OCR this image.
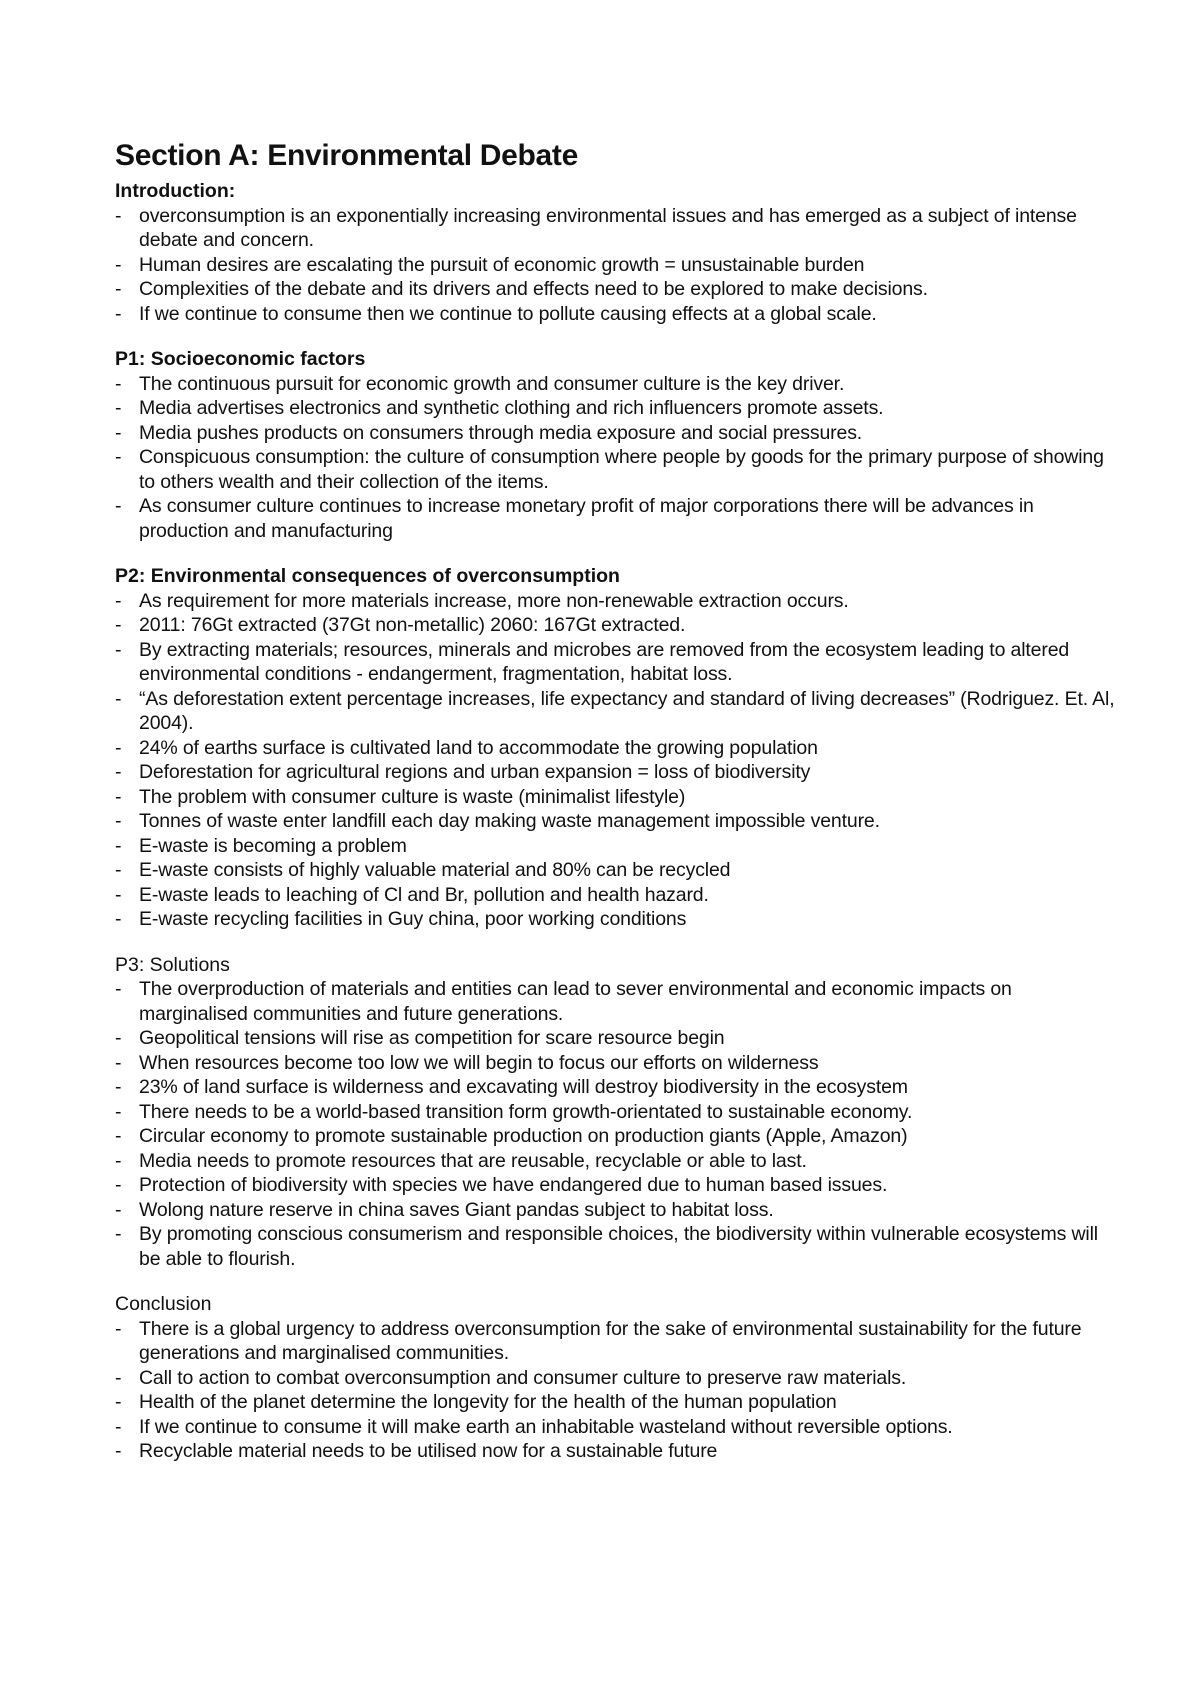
Section A: Environmental Debate
Introduction:
- overconsumption is an exponentially increasing environmental issues and has emerged as a subject of intense debate and concern.
- Human desires are escalating the pursuit of economic growth = unsustainable burden
- Complexities of the debate and its drivers and effects need to be explored to make decisions.
- If we continue to consume then we continue to pollute causing effects at a global scale.
P1: Socioeconomic factors
- The continuous pursuit for economic growth and consumer culture is the key driver.
- Media advertises electronics and synthetic clothing and rich influencers promote assets.
- Media pushes products on consumers through media exposure and social pressures.
- Conspicuous consumption: the culture of consumption where people by goods for the primary purpose of showing to others wealth and their collection of the items.
- As consumer culture continues to increase monetary profit of major corporations there will be advances in production and manufacturing
P2: Environmental consequences of overconsumption
- As requirement for more materials increase, more non-renewable extraction occurs.
- 2011: 76Gt extracted (37Gt non-metallic) 2060: 167Gt extracted.
- By extracting materials; resources, minerals and microbes are removed from the ecosystem leading to altered environmental conditions - endangerment, fragmentation, habitat loss.
- “As deforestation extent percentage increases, life expectancy and standard of living decreases” (Rodriguez. Et. Al, 2004).
- 24% of earths surface is cultivated land to accommodate the growing population
- Deforestation for agricultural regions and urban expansion = loss of biodiversity
- The problem with consumer culture is waste (minimalist lifestyle)
- Tonnes of waste enter landfill each day making waste management impossible venture.
- E-waste is becoming a problem
- E-waste consists of highly valuable material and 80% can be recycled
- E-waste leads to leaching of Cl and Br, pollution and health hazard.
- E-waste recycling facilities in Guy china, poor working conditions
P3: Solutions
- The overproduction of materials and entities can lead to sever environmental and economic impacts on marginalised communities and future generations.
- Geopolitical tensions will rise as competition for scare resource begin
- When resources become too low we will begin to focus our efforts on wilderness
- 23% of land surface is wilderness and excavating will destroy biodiversity in the ecosystem
- There needs to be a world-based transition form growth-orientated to sustainable economy.
- Circular economy to promote sustainable production on production giants (Apple, Amazon)
- Media needs to promote resources that are reusable, recyclable or able to last.
- Protection of biodiversity with species we have endangered due to human based issues.
- Wolong nature reserve in china saves Giant pandas subject to habitat loss.
- By promoting conscious consumerism and responsible choices, the biodiversity within vulnerable ecosystems will be able to flourish.
Conclusion
- There is a global urgency to address overconsumption for the sake of environmental sustainability for the future generations and marginalised communities.
- Call to action to combat overconsumption and consumer culture to preserve raw materials.
- Health of the planet determine the longevity for the health of the human population
- If we continue to consume it will make earth an inhabitable wasteland without reversible options.
- Recyclable material needs to be utilised now for a sustainable future
